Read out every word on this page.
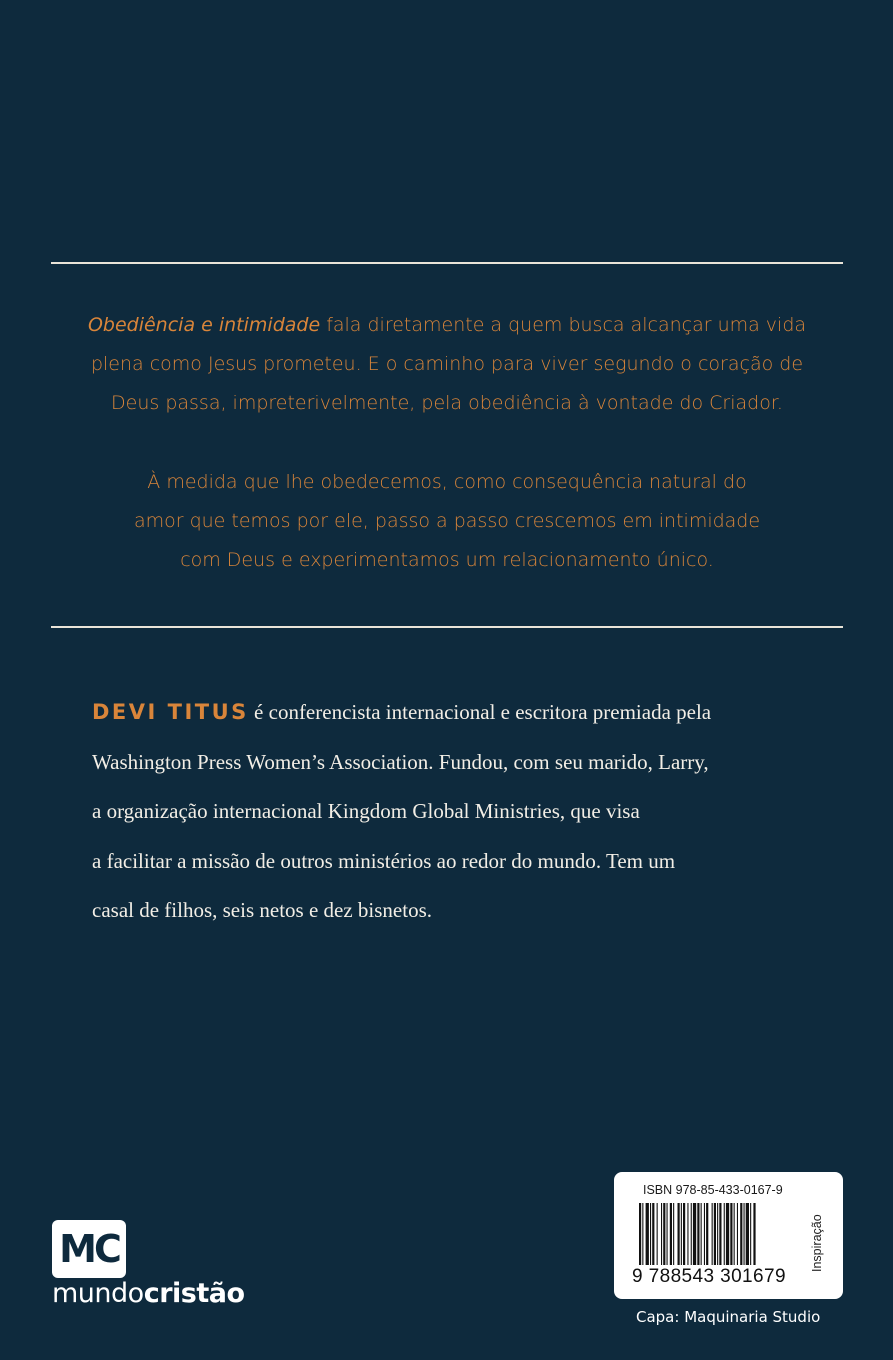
Obediência e intimidade fala diretamente a quem busca alcançar uma vida
plena como Jesus prometeu. E o caminho para viver segundo o coração de
Deus passa, impreterivelmente, pela obediência à vontade do Criador.

À medida que lhe obedecemos, como consequência natural do
amor que temos por ele, passo a passo crescemos em intimidade
com Deus e experimentamos um relacionamento único.

DEVI TITUS é conferencista internacional e escritora premiada pela
Washington Press Women’s Association. Fundou, com seu marido, Larry,
a organização internacional Kingdom Global Ministries, que visa
a facilitar a missão de outros ministérios ao redor do mundo. Tem um
casal de filhos, seis netos e dez bisnetos.
MC
mundocristão
ISBN 978-85-433-0167-9
9 788543 301679
Inspiração
Capa: Maquinaria Studio
